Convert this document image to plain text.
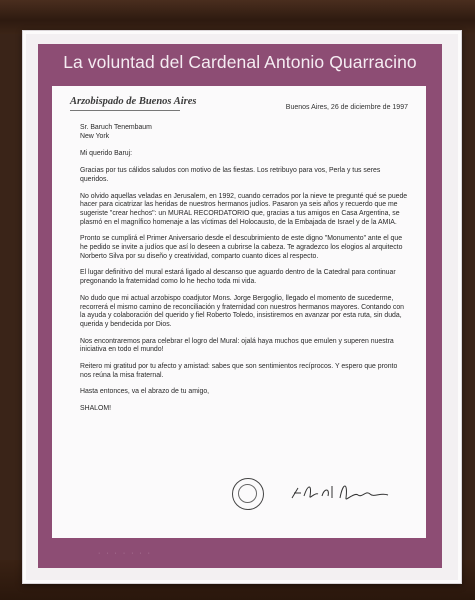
La voluntad del Cardenal Antonio Quarracino
Arzobispado de Buenos Aires
Buenos Aires, 26 de diciembre de 1997
Sr. Baruch Tenembaum
New York

Mi querido Baruj:

Gracias por tus cálidos saludos con motivo de las fiestas. Los retribuyo para vos, Perla y tus seres queridos.

No olvido aquellas veladas en Jerusalem, en 1992, cuando cerrados por la nieve te pregunté qué se puede hacer para cicatrizar las heridas de nuestros hermanos judíos. Pasaron ya seis años y recuerdo que me sugeriste "crear hechos": un MURAL RECORDATORIO que, gracias a tus amigos en Casa Argentina, se plasmó en el magnífico homenaje a las víctimas del Holocausto, de la Embajada de Israel y de la AMIA.

Pronto se cumplirá el Primer Aniversario desde el descubrimiento de este digno "Monumento" ante el que he pedido se invite a judíos que así lo deseen a cubrirse la cabeza. Te agradezco los elogios al arquitecto Norberto Silva por su diseño y creatividad, comparto cuanto dices al respecto.

El lugar definitivo del mural estará ligado al descanso que aguardo dentro de la Catedral para continuar pregonando la fraternidad como lo he hecho toda mi vida.

No dudo que mi actual arzobispo coadjutor Mons. Jorge Bergoglio, llegado el momento de sucederme, recorrerá el mismo camino de reconciliación y fraternidad con nuestros hermanos mayores. Contando con la ayuda y colaboración del querido y fiel Roberto Toledo, insistiremos en avanzar por esta ruta, sin duda, querida y bendecida por Dios.

Nos encontraremos para celebrar el logro del Mural: ojalá haya muchos que emulen y superen nuestra iniciativa en todo el mundo!

Reitero mi gratitud por tu afecto y amistad: sabes que son sentimientos recíprocos. Y espero que pronto nos reúna la misa fraternal.

Hasta entonces, va el abrazo de tu amigo,

SHALOM!

· · · · · · ·
